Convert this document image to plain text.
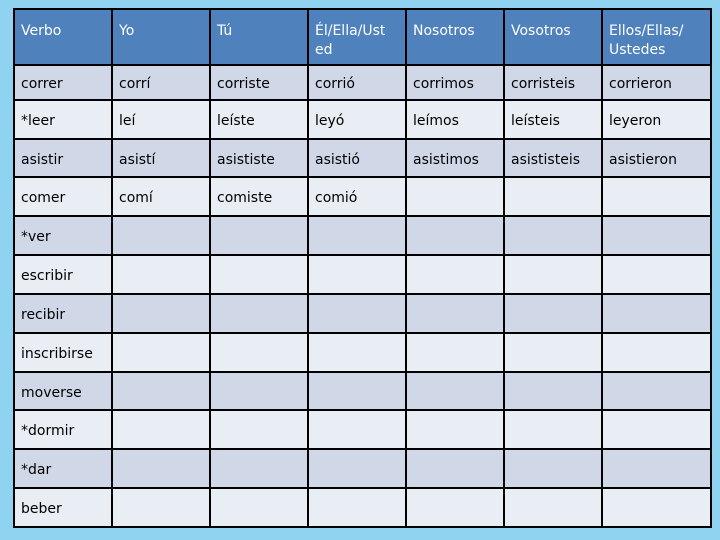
Verbo	Yo	Tú	Él/Ella/Ust ed	Nosotros	Vosotros	Ellos/Ellas/ Ustedes
correr	corrí	corriste	corrió	corrimos	corristeis	corrieron
*leer	leí	leíste	leyó	leímos	leísteis	leyeron
asistir	asistí	asististe	asistió	asistimos	asististeis	asistieron
comer	comí	comiste	comió			
*ver						
escribir						
recibir						
inscribirse						
moverse						
*dormir						
*dar						
beber						
